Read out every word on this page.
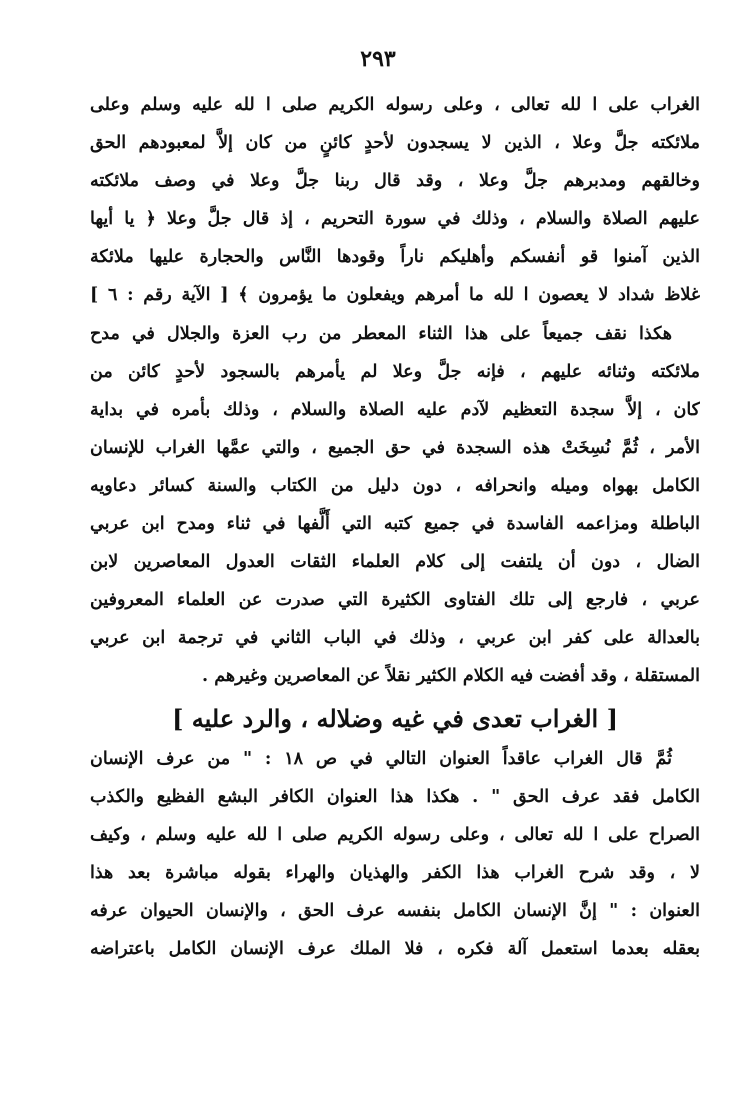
٢٩٣
الغراب على ا لله تعالى ، وعلى رسوله الكريم صلى ا لله عليه وسلم وعلى
ملائكته جلَّ وعلا ، الذين لا يسجدون لأحدٍ كائنٍ من كان إلاَّ لمعبودهم الحق
وخالقهم ومدبرهم جلَّ وعلا ، وقد قال ربنا جلَّ وعلا في وصف ملائكته
عليهم الصلاة والسلام ، وذلك في سورة التحريم ، إذ قال جلَّ وعلا ﴿ يا أيها
الذين آمنوا قو أنفسكم وأهليكم ناراً وقودها النَّاس والحجارة عليها ملائكة
غلاظ شداد لا يعصون ا لله ما أمرهم ويفعلون ما يؤمرون ﴾ [ الآية رقم : ٦ ]
هكذا نقف جميعاً على هذا الثناء المعطر من رب العزة والجلال في مدح
ملائكته وثنائه عليهم ، فإنه جلَّ وعلا لم يأمرهم بالسجود لأحدٍ كائن من
كان ، إلاَّ سجدة التعظيم لآدم عليه الصلاة والسلام ، وذلك بأمره في بداية
الأمر ، ثُمَّ نُسِخَتْ هذه السجدة في حق الجميع ، والتي عمَّها الغراب للإنسان
الكامل بهواه وميله وانحرافه ، دون دليل من الكتاب والسنة كسائر دعاويه
الباطلة ومزاعمه الفاسدة في جميع كتبه التي أَلَّفها في ثناء ومدح ابن عربي
الضال ، دون أن يلتفت إلى كلام العلماء الثقات العدول المعاصرين لابن
عربي ، فارجع إلى تلك الفتاوى الكثيرة التي صدرت عن العلماء المعروفين
بالعدالة على كفر ابن عربي ، وذلك في الباب الثاني في ترجمة ابن عربي
المستقلة ، وقد أفضت فيه الكلام الكثير نقلاً عن المعاصرين وغيرهم .
[ الغراب تعدى في غيه وضلاله ، والرد عليه ]
ثُمَّ قال الغراب عاقداً العنوان التالي في ص ١٨ : " من عرف الإنسان
الكامل فقد عرف الحق " . هكذا هذا العنوان الكافر البشع الفظيع والكذب
الصراح على ا لله تعالى ، وعلى رسوله الكريم صلى ا لله عليه وسلم ، وكيف
لا ، وقد شرح الغراب هذا الكفر والهذيان والهراء بقوله مباشرة بعد هذا
العنوان : " إنَّ الإنسان الكامل بنفسه عرف الحق ، والإنسان الحيوان عرفه
بعقله بعدما استعمل آلة فكره ، فلا الملك عرف الإنسان الكامل باعتراضه
